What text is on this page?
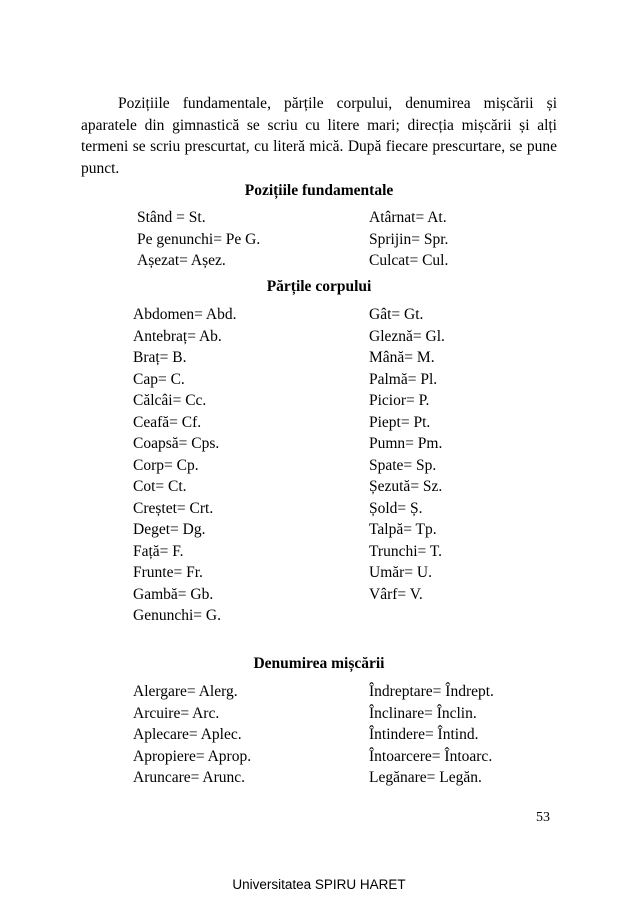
Pozițiile fundamentale, părțile corpului, denumirea mișcării și aparatele din gimnastică se scriu cu litere mari; direcția mișcării și alți termeni se scriu prescurtat, cu literă mică. După fiecare prescurtare, se pune punct.

Pozițiile fundamentale
Stând = St.
Pe genunchi= Pe G.
Așezat= Așez.
Atârnat= At.
Sprijin= Spr.
Culcat= Cul.
Părțile corpului
Abdomen= Abd.
Antebraț= Ab.
Braț= B.
Cap= C.
Călcâi= Cc.
Ceafă= Cf.
Coapsă= Cps.
Corp= Cp.
Cot= Ct.
Creștet= Crt.
Deget= Dg.
Față= F.
Frunte= Fr.
Gambă= Gb.
Genunchi= G.
Gât= Gt.
Gleznă= Gl.
Mână= M.
Palmă= Pl.
Picior= P.
Piept= Pt.
Pumn= Pm.
Spate= Sp.
Șezută= Sz.
Șold= Ș.
Talpă= Tp.
Trunchi= T.
Umăr= U.
Vârf= V.
Denumirea mișcării
Alergare= Alerg.
Arcuire= Arc.
Aplecare= Aplec.
Apropiere= Aprop.
Aruncare= Arunc.
Îndreptare= Îndrept.
Înclinare= Înclin.
Întindere= Întind.
Întoarcere= Întoarc.
Legănare= Legăn.
53
Universitatea SPIRU HARET
